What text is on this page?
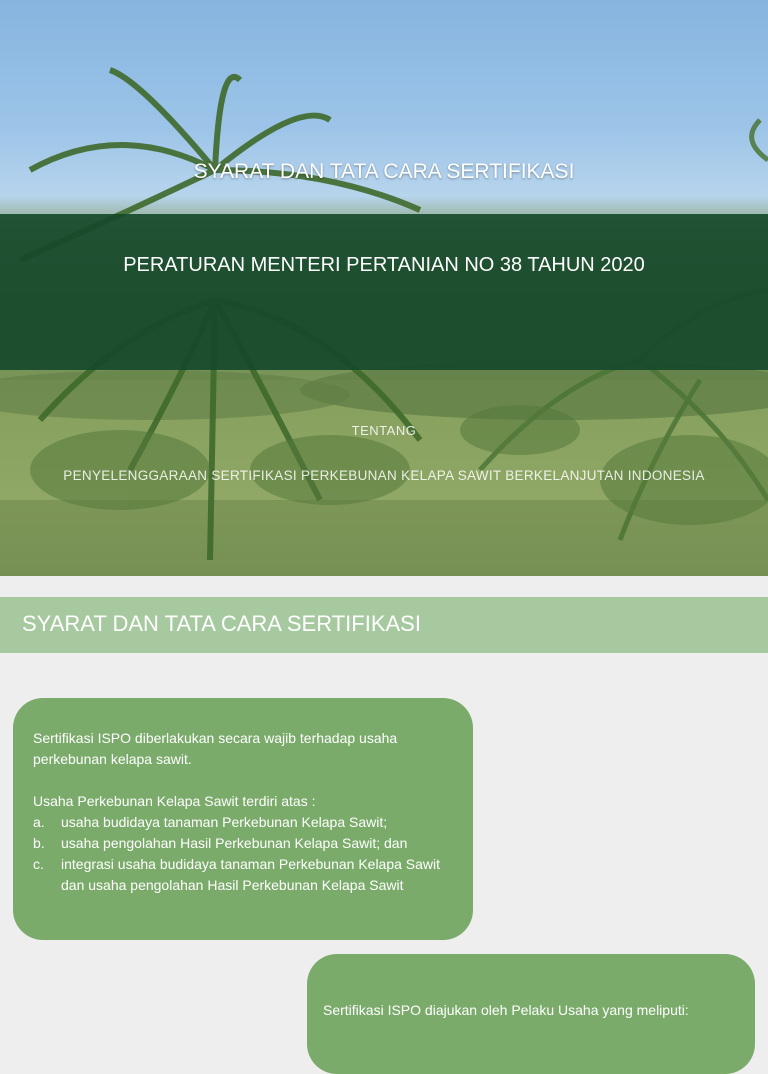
SYARAT DAN TATA CARA SERTIFIKASI
PERATURAN MENTERI PERTANIAN NO 38 TAHUN 2020
TENTANG
PENYELENGGARAAN SERTIFIKASI PERKEBUNAN KELAPA SAWIT BERKELANJUTAN INDONESIA
SYARAT DAN TATA CARA SERTIFIKASI

Sertifikasi ISPO diberlakukan secara wajib terhadap usaha perkebunan kelapa sawit.

Usaha Perkebunan Kelapa Sawit terdiri atas :

a. usaha budidaya tanaman Perkebunan Kelapa Sawit;
b. usaha pengolahan Hasil Perkebunan Kelapa Sawit; dan
c. integrasi usaha budidaya tanaman Perkebunan Kelapa Sawit dan usaha pengolahan Hasil Perkebunan Kelapa Sawit
Sertifikasi ISPO diajukan oleh Pelaku Usaha yang meliputi:
